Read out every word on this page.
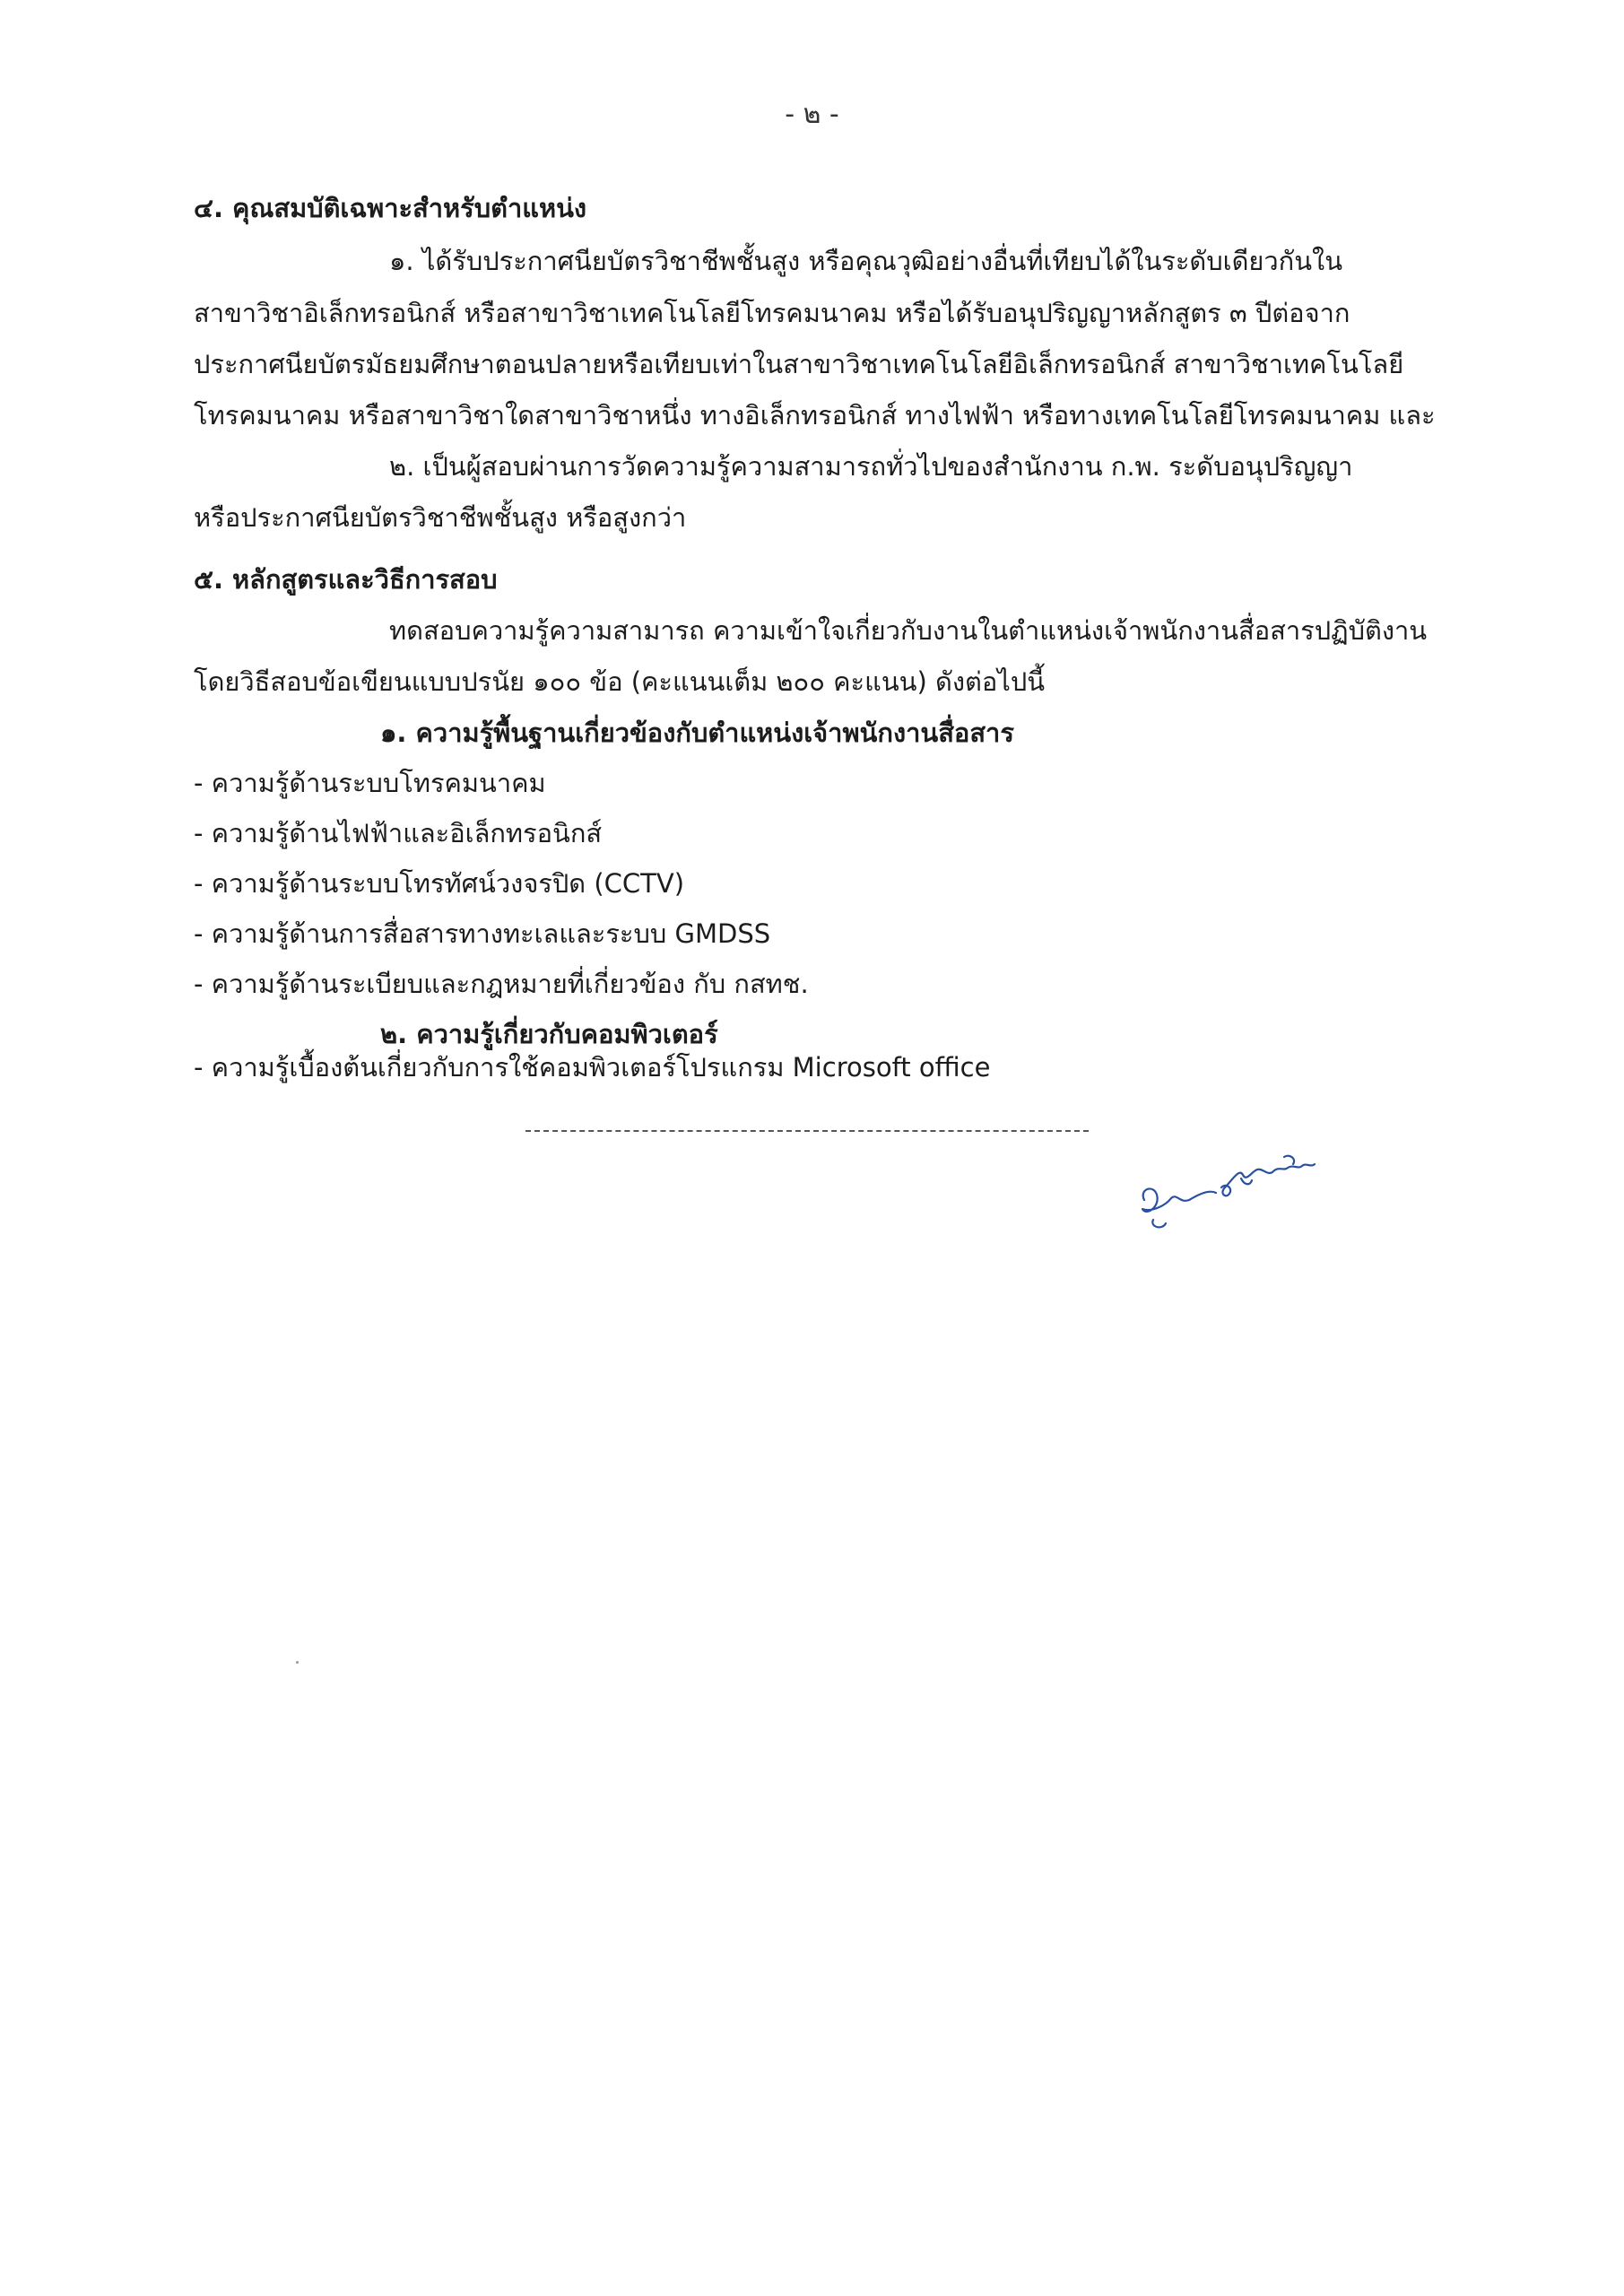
- ๒ -
๔. คุณสมบัติเฉพาะสำหรับตำแหน่ง
๑. ได้รับประกาศนียบัตรวิชาชีพชั้นสูง หรือคุณวุฒิอย่างอื่นที่เทียบได้ในระดับเดียวกันใน
สาขาวิชาอิเล็กทรอนิกส์ หรือสาขาวิชาเทคโนโลยีโทรคมนาคม หรือได้รับอนุปริญญาหลักสูตร ๓ ปีต่อจาก
ประกาศนียบัตรมัธยมศึกษาตอนปลายหรือเทียบเท่าในสาขาวิชาเทคโนโลยีอิเล็กทรอนิกส์ สาขาวิชาเทคโนโลยี
โทรคมนาคม หรือสาขาวิชาใดสาขาวิชาหนึ่ง ทางอิเล็กทรอนิกส์ ทางไฟฟ้า หรือทางเทคโนโลยีโทรคมนาคม และ
๒. เป็นผู้สอบผ่านการวัดความรู้ความสามารถทั่วไปของสำนักงาน ก.พ. ระดับอนุปริญญา
หรือประกาศนียบัตรวิชาชีพชั้นสูง หรือสูงกว่า
๕. หลักสูตรและวิธีการสอบ
ทดสอบความรู้ความสามารถ ความเข้าใจเกี่ยวกับงานในตำแหน่งเจ้าพนักงานสื่อสารปฏิบัติงาน
โดยวิธีสอบข้อเขียนแบบปรนัย ๑๐๐ ข้อ (คะแนนเต็ม ๒๐๐ คะแนน) ดังต่อไปนี้
๑. ความรู้พื้นฐานเกี่ยวข้องกับตำแหน่งเจ้าพนักงานสื่อสาร
- ความรู้ด้านระบบโทรคมนาคม
- ความรู้ด้านไฟฟ้าและอิเล็กทรอนิกส์
- ความรู้ด้านระบบโทรทัศน์วงจรปิด (CCTV)
- ความรู้ด้านการสื่อสารทางทะเลและระบบ GMDSS
- ความรู้ด้านระเบียบและกฎหมายที่เกี่ยวข้อง กับ กสทช.
๒. ความรู้เกี่ยวกับคอมพิวเตอร์
- ความรู้เบื้องต้นเกี่ยวกับการใช้คอมพิวเตอร์โปรแกรม Microsoft office
